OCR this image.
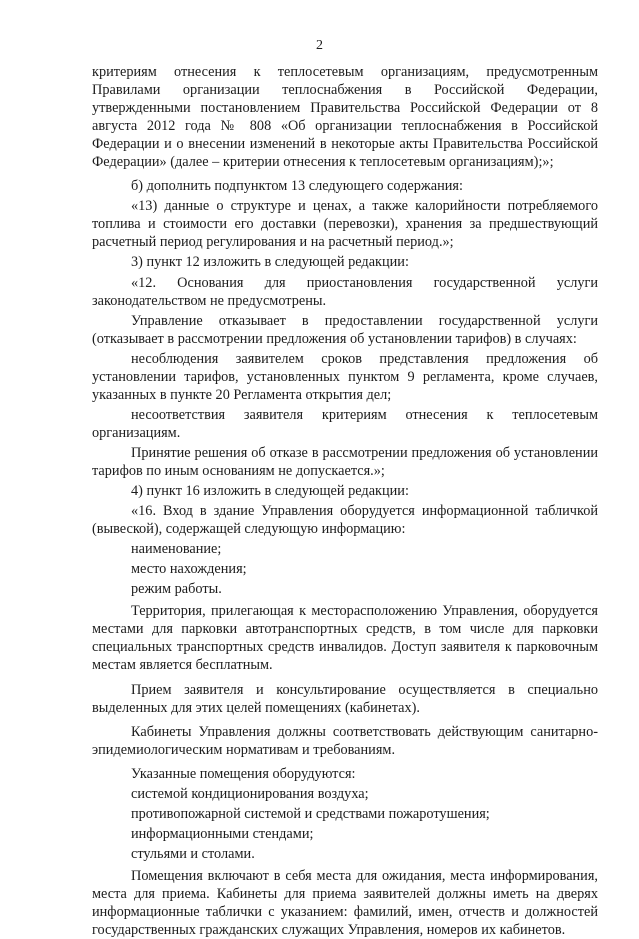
2

критериям отнесения к теплосетевым организациям, предусмотренным Правилами организации теплоснабжения в Российской Федерации, утвержденными постановлением Правительства Российской Федерации от 8 августа 2012 года № 808 «Об организации теплоснабжения в Российской Федерации и о внесении изменений в некоторые акты Правительства Российской Федерации» (далее – критерии отнесения к теплосетевым организациям);»;

б) дополнить подпунктом 13 следующего содержания:

«13) данные о структуре и ценах, а также калорийности потребляемого топлива и стоимости его доставки (перевозки), хранения за предшествующий расчетный период регулирования и на расчетный период.»;

3) пункт 12 изложить в следующей редакции:

«12. Основания для приостановления государственной услуги законодательством не предусмотрены.

Управление отказывает в предоставлении государственной услуги (отказывает в рассмотрении предложения об установлении тарифов) в случаях:

несоблюдения заявителем сроков представления предложения об установлении тарифов, установленных пунктом 9 регламента, кроме случаев, указанных в пункте 20 Регламента открытия дел;

несоответствия заявителя критериям отнесения к теплосетевым организациям.

Принятие решения об отказе в рассмотрении предложения об установлении тарифов по иным основаниям не допускается.»;

4) пункт 16 изложить в следующей редакции:

«16. Вход в здание Управления оборудуется информационной табличкой (вывеской), содержащей следующую информацию:

наименование;

место нахождения;

режим работы.

Территория, прилегающая к месторасположению Управления, оборудуется местами для парковки автотранспортных средств, в том числе для парковки специальных транспортных средств инвалидов. Доступ заявителя к парковочным местам является бесплатным.

Прием заявителя и консультирование осуществляется в специально выделенных для этих целей помещениях (кабинетах).

Кабинеты Управления должны соответствовать действующим санитарно-эпидемиологическим нормативам и требованиям.

Указанные помещения оборудуются:

системой кондиционирования воздуха;

противопожарной системой и средствами пожаротушения;

информационными стендами;

стульями и столами.

Помещения включают в себя места для ожидания, места информирования, места для приема. Кабинеты для приема заявителей должны иметь на дверях информационные таблички с указанием: фамилий, имен, отчеств и должностей государственных гражданских служащих Управления, номеров их кабинетов.
